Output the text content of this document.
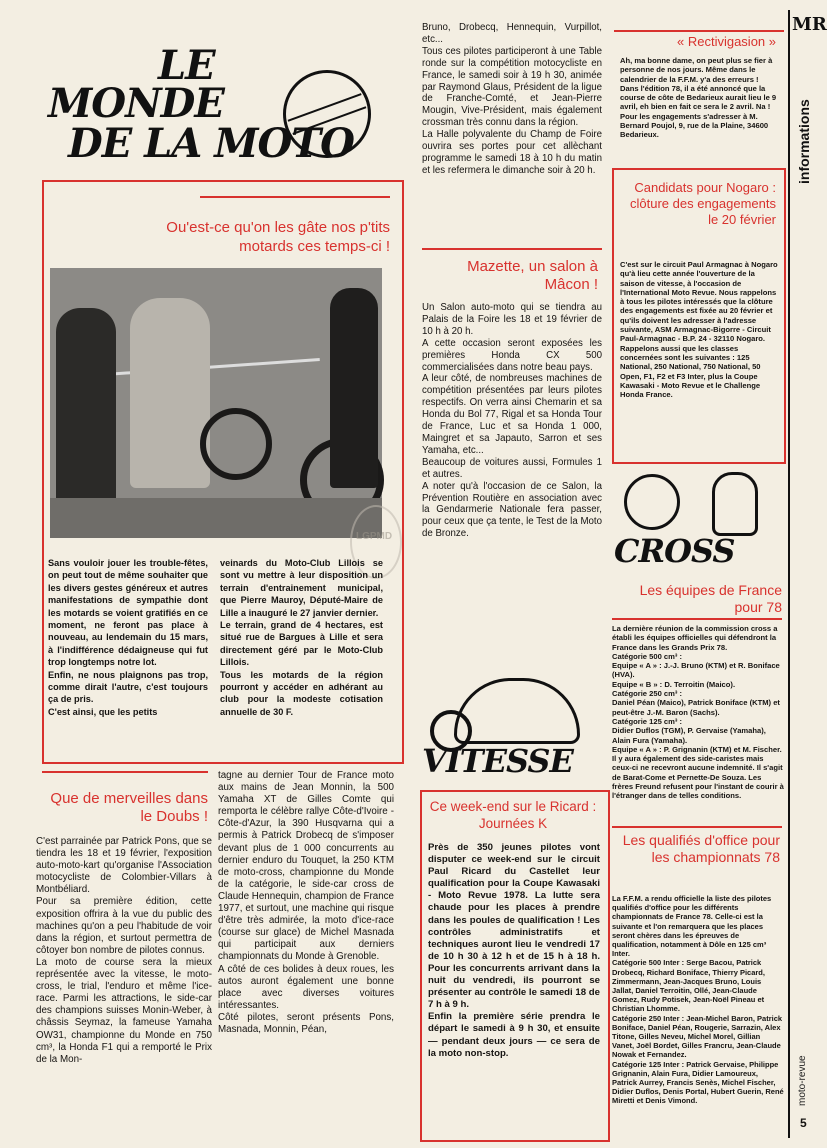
LE
MONDE
DE LA MOTO

Ou'est-ce qu'on les gâte nos p'tits motards ces temps-ci !

LGPMD

Sans vouloir jouer les trouble-fêtes, on peut tout de même souhaiter que les divers gestes généreux et autres manifestations de sympathie dont les motards se voient gratifiés en ce moment, ne feront pas place à nouveau, au lendemain du 15 mars, à l'indifférence dédaigneuse qui fut trop longtemps notre lot.
Enfin, ne nous plaignons pas trop, comme dirait l'autre, c'est toujours ça de pris.
C'est ainsi, que les petits

veinards du Moto-Club Lillois se sont vu mettre à leur disposition un terrain d'entrainement municipal, que Pierre Mauroy, Député-Maire de Lille a inauguré le 27 janvier dernier.
Le terrain, grand de 4 hectares, est situé rue de Bargues à Lille et sera directement géré par le Moto-Club Lillois.
Tous les motards de la région pourront y accéder en adhérant au club pour la modeste cotisation annuelle de 30 F.

Que de merveilles dans le Doubs !

C'est parrainée par Patrick Pons, que se tiendra les 18 et 19 février, l'exposition auto-moto-kart qu'organise l'Association motocycliste de Colombier-Villars à Montbéliard.
Pour sa première édition, cette exposition offrira à la vue du public des machines qu'on a peu l'habitude de voir dans la région, et surtout permettra de côtoyer bon nombre de pilotes connus.
La moto de course sera la mieux représentée avec la vitesse, le moto-cross, le trial, l'enduro et même l'ice-race. Parmi les attractions, le side-car des champions suisses Monin-Weber, à châssis Seymaz, la fameuse Yamaha OW31, championne du Monde en 750 cm³, la Honda F1 qui a remporté le Prix de la Mon-

tagne au dernier Tour de France moto aux mains de Jean Monnin, la 500 Yamaha XT de Gilles Comte qui remporta le célèbre rallye Côte-d'Ivoire - Côte-d'Azur, la 390 Husqvarna qui a permis à Patrick Drobecq de s'imposer devant plus de 1 000 concurrents au dernier enduro du Touquet, la 250 KTM de moto-cross, championne du Monde de la catégorie, le side-car cross de Claude Hennequin, champion de France 1977, et surtout, une machine qui risque d'être très admirée, la moto d'ice-race (course sur glace) de Michel Masnada qui participait aux derniers championnats du Monde à Grenoble.
A côté de ces bolides à deux roues, les autos auront également une bonne place avec diverses voitures intéressantes.
Côté pilotes, seront présents Pons, Masnada, Monnin, Péan,

Bruno, Drobecq, Hennequin, Vurpillot, etc...
Tous ces pilotes participeront à une Table ronde sur la compétition motocycliste en France, le samedi soir à 19 h 30, animée par Raymond Glaus, Président de la ligue de Franche-Comté, et Jean-Pierre Mougin, Vive-Président, mais également crossman très connu dans la région.
La Halle polyvalente du Champ de Foire ouvrira ses portes pour cet allèchant programme le samedi 18 à 10 h du matin et les refermera le dimanche soir à 20 h.

Mazette, un salon à Mâcon !

Un Salon auto-moto qui se tiendra au Palais de la Foire les 18 et 19 février de 10 h à 20 h.
A cette occasion seront exposées les premières Honda CX 500 commercialisées dans notre beau pays.
A leur côté, de nombreuses machines de compétition présentées par leurs pilotes respectifs. On verra ainsi Chemarin et sa Honda du Bol 77, Rigal et sa Honda Tour de France, Luc et sa Honda 1 000, Maingret et sa Japauto, Sarron et ses Yamaha, etc...
Beaucoup de voitures aussi, Formules 1 et autres.
A noter qu'à l'occasion de ce Salon, la Prévention Routière en association avec la Gendarmerie Nationale fera passer, pour ceux que ça tente, le Test de la Moto de Bronze.

VITESSE

Ce week-end sur le Ricard : Journées K

Près de 350 jeunes pilotes vont disputer ce week-end sur le circuit Paul Ricard du Castellet leur qualification pour la Coupe Kawasaki - Moto Revue 1978. La lutte sera chaude pour les places à prendre dans les poules de qualification ! Les contrôles administratifs et techniques auront lieu le vendredi 17 de 10 h 30 à 12 h et de 15 h à 18 h. Pour les concurrents arrivant dans la nuit du vendredi, ils pourront se présenter au contrôle le samedi 18 de 7 h à 9 h.
Enfin la première série prendra le départ le samedi à 9 h 30, et ensuite — pendant deux jours — ce sera de la moto non-stop.

« Rectivigasion »

Ah, ma bonne dame, on peut plus se fier à personne de nos jours. Même dans le calendrier de la F.F.M. y'a des erreurs !
Dans l'édition 78, il a été annoncé que la course de côte de Bedarieux aurait lieu le 9 avril, eh bien en fait ce sera le 2 avril. Na !
Pour les engagements s'adresser à M. Bernard Poujol, 9, rue de la Plaine, 34600 Bedarieux.

Candidats pour Nogaro : clôture des engagements le 20 février

C'est sur le circuit Paul Armagnac à Nogaro qu'à lieu cette année l'ouverture de la saison de vitesse, à l'occasion de l'International Moto Revue. Nous rappelons à tous les pilotes intéressés que la clôture des engagements est fixée au 20 février et qu'ils doivent les adresser à l'adresse suivante, ASM Armagnac-Bigorre - Circuit Paul-Armagnac - B.P. 24 - 32110 Nogaro. Rappelons aussi que les classes concernées sont les suivantes : 125 National, 250 National, 750 National, 50 Open, F1, F2 et F3 Inter, plus la Coupe Kawasaki - Moto Revue et le Challenge Honda France.

CROSS

Les équipes de France pour 78

La dernière réunion de la commission cross a établi les équipes officielles qui défendront la France dans les Grands Prix 78.
Catégorie 500 cm³ :
Equipe « A » : J.-J. Bruno (KTM) et R. Boniface (HVA).
Equipe « B » : D. Terroitin (Maico).
Catégorie 250 cm³ :
Daniel Péan (Maico), Patrick Boniface (KTM) et peut-être J.-M. Baron (Sachs).
Catégorie 125 cm³ :
Didier Duflos (TGM), P. Gervaise (Yamaha), Alain Fura (Yamaha).
Equipe « A » : P. Grignanin (KTM) et M. Fischer.
Il y aura également des side-caristes mais ceux-ci ne recevront aucune indemnité. Il s'agit de Barat-Come et Pernette-De Souza. Les frères Freund refusent pour l'instant de courir à l'étranger dans de telles conditions.

Les qualifiés d'office pour les championnats 78

La F.F.M. a rendu officielle la liste des pilotes qualifiés d'office pour les différents championnats de France 78. Celle-ci est la suivante et l'on remarquera que les places seront chères dans les épreuves de qualification, notamment à Dôle en 125 cm³ Inter.
Catégorie 500 Inter : Serge Bacou, Patrick Drobecq, Richard Boniface, Thierry Picard, Zimmermann, Jean-Jacques Bruno, Louis Jallat, Daniel Terroitin, Ollé, Jean-Claude Gomez, Rudy Potisek, Jean-Noël Pineau et Christian Lhomme.
Catégorie 250 Inter : Jean-Michel Baron, Patrick Boniface, Daniel Péan, Rougerie, Sarrazin, Alex Titone, Gilles Neveu, Michel Morel, Gillian Vanet, Joël Bordet, Gilles Francru, Jean-Claude Nowak et Fernandez.
Catégorie 125 Inter : Patrick Gervaise, Philippe Grignanin, Alain Fura, Didier Lamoureux, Patrick Aurrey, Francis Senès, Michel Fischer, Didier Duflos, Denis Portal, Hubert Guerin, René Miretti et Denis Vimond.

MR
informations
moto-revue
5
